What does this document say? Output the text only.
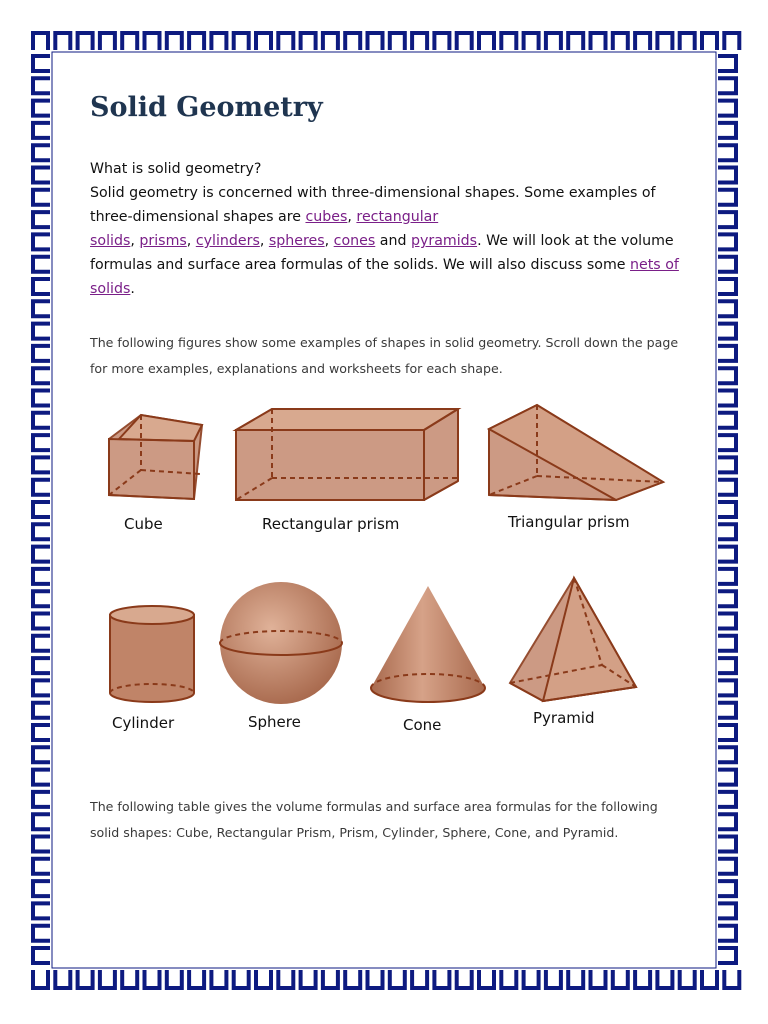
Solid Geometry
What is solid geometry?
Solid geometry is concerned with three-dimensional shapes. Some examples of three-dimensional shapes are cubes, rectangular
solids, prisms, cylinders, spheres, cones and pyramids. We will look at the volume formulas and surface area formulas of the solids. We will also discuss some nets of solids.
The following figures show some examples of shapes in solid geometry. Scroll down the page for more examples, explanations and worksheets for each shape.
Cube	Rectangular prism	Triangular prism
Cylinder	Sphere	Cone	Pyramid
The following table gives the volume formulas and surface area formulas for the following solid shapes: Cube, Rectangular Prism, Prism, Cylinder, Sphere, Cone, and Pyramid.
